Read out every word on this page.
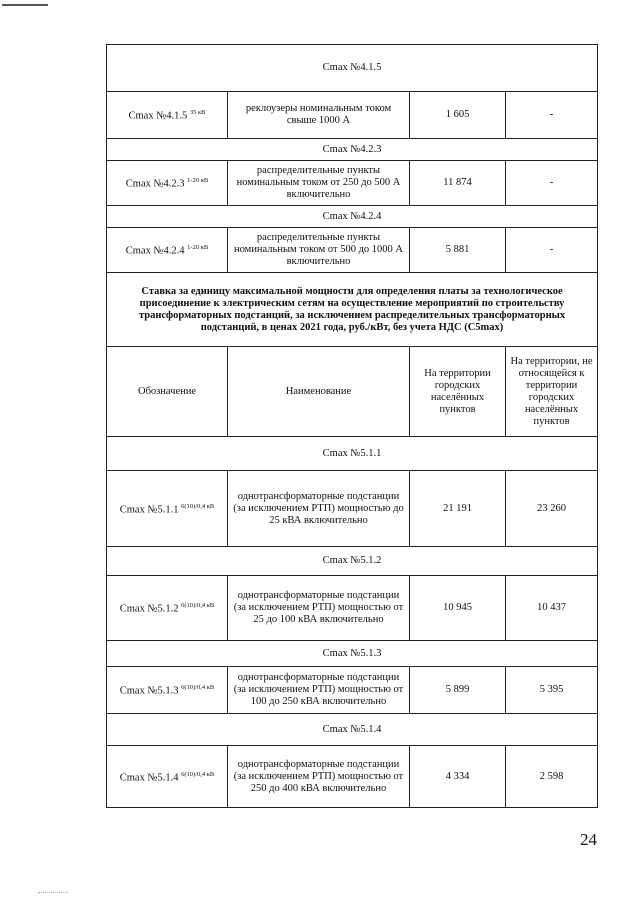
Cmax №4.1.5			
Cmax №4.1.5 $^{35 кВ}$	реклоузеры номинальным током свыше 1000 А	1 605	-
Cmax №4.2.3			
Cmax №4.2.3 $^{1-20 кВ}$	распределительные пункты номинальным током от 250 до 500 А включительно	11 874	-
Cmax №4.2.4			
Cmax №4.2.4 $^{1-20 кВ}$	распределительные пункты номинальным током от 500 до 1000 А включительно	5 881	-
Ставка за единицу максимальной мощности для определения платы за технологическое присоединение к электрическим сетям на осуществление мероприятий по строительству трансформаторных подстанций, за исключением распределительных трансформаторных подстанций, в ценах 2021 года, руб./кВт, без учета НДС (C5max)			
Обозначение	Наименование	На территории городских населённых пунктов	На территории, не относящейся к территории городских населённых пунктов
Cmax №5.1.1			
Cmax №5.1.1 $^{6(10)/0,4 кВ}$	однотрансформаторные подстанции (за исключением РТП) мощностью до 25 кВА включительно	21 191	23 260
Cmax №5.1.2			
Cmax №5.1.2 $^{6(10)/0,4 кВ}$	однотрансформаторные подстанции (за исключением РТП) мощностью от 25 до 100 кВА включительно	10 945	10 437
Cmax №5.1.3			
Cmax №5.1.3 $^{6(10)/0,4 кВ}$	однотрансформаторные подстанции (за исключением РТП) мощностью от 100 до 250 кВА включительно	5 899	5 395
Cmax №5.1.4			
Cmax №5.1.4 $^{6(10)/0,4 кВ}$	однотрансформаторные подстанции (за исключением РТП) мощностью от 250 до 400 кВА включительно	4 334	2 598
24
